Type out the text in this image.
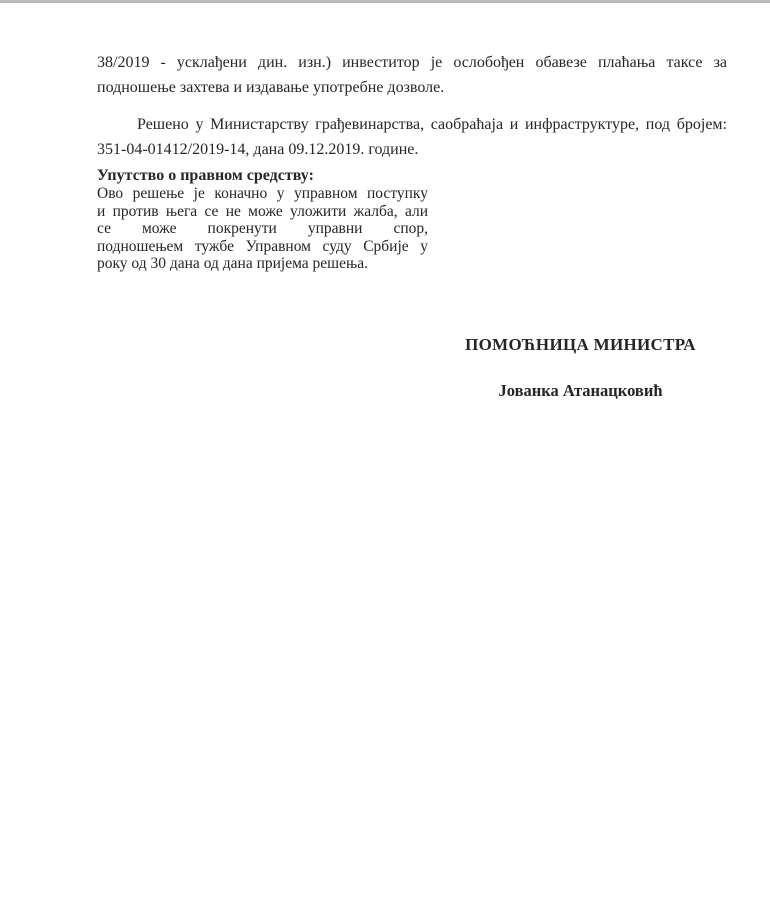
38/2019 - усклађени дин. изн.) инвеститор је ослобођен обавезе плаћања таксе за
подношење захтева и издавање употребне дозволе.

Решено у Министарству грађевинарства, саобраћаја и инфраструктуре, под бројем:
351-04-01412/2019-14, дана 09.12.2019. године.

Упутство о правном средству:

Ово решење је коначно у управном поступку
и против њега се не може уложити жалба, али
се може покренути управни спор,
подношењем тужбе Управном суду Србије у
року од 30 дана од дана пријема решења.

ПОМОЋНИЦА МИНИСТРА

Јованка Атанацковић
